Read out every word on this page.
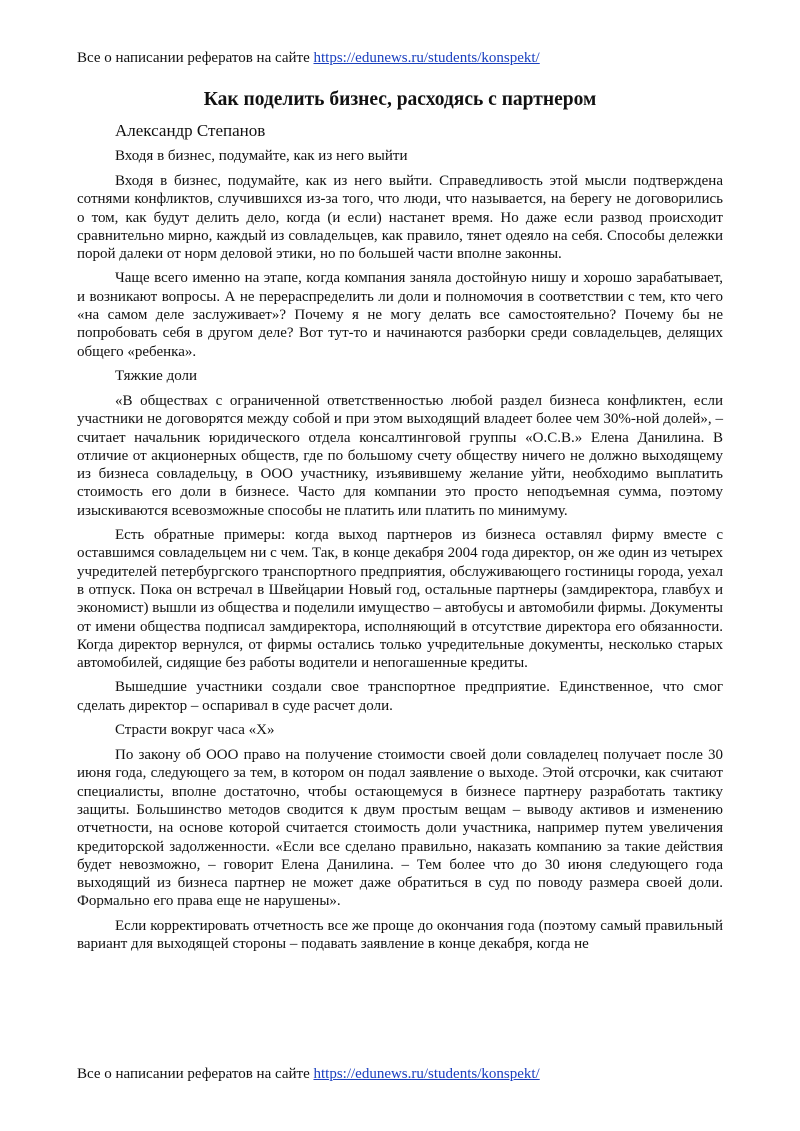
Все о написании рефератов на сайте https://edunews.ru/students/konspekt/
Как поделить бизнес, расходясь с партнером
Александр Степанов
Входя в бизнес, подумайте, как из него выйти

Входя в бизнес, подумайте, как из него выйти. Справедливость этой мысли подтверждена сотнями конфликтов, случившихся из-за того, что люди, что называется, на берегу не договорились о том, как будут делить дело, когда (и если) настанет время. Но даже если развод происходит сравнительно мирно, каждый из совладельцев, как правило, тянет одеяло на себя. Способы дележки порой далеки от норм деловой этики, но по большей части вполне законны.

Чаще всего именно на этапе, когда компания заняла достойную нишу и хорошо зарабатывает, и возникают вопросы. А не перераспределить ли доли и полномочия в соответствии с тем, кто чего «на самом деле заслуживает»? Почему я не могу делать все самостоятельно? Почему бы не попробовать себя в другом деле? Вот тут-то и начинаются разборки среди совладельцев, делящих общего «ребенка».

Тяжкие доли

«В обществах с ограниченной ответственностью любой раздел бизнеса конфликтен, если участники не договорятся между собой и при этом выходящий владеет более чем 30%-ной долей», – считает начальник юридического отдела консалтинговой группы «О.С.В.» Елена Данилина. В отличие от акционерных обществ, где по большому счету обществу ничего не должно выходящему из бизнеса совладельцу, в ООО участнику, изъявившему желание уйти, необходимо выплатить стоимость его доли в бизнесе. Часто для компании это просто неподъемная сумма, поэтому изыскиваются всевозможные способы не платить или платить по минимуму.

Есть обратные примеры: когда выход партнеров из бизнеса оставлял фирму вместе с оставшимся совладельцем ни с чем. Так, в конце декабря 2004 года директор, он же один из четырех учредителей петербургского транспортного предприятия, обслуживающего гостиницы города, уехал в отпуск. Пока он встречал в Швейцарии Новый год, остальные партнеры (замдиректора, главбух и экономист) вышли из общества и поделили имущество – автобусы и автомобили фирмы. Документы от имени общества подписал замдиректора, исполняющий в отсутствие директора его обязанности. Когда директор вернулся, от фирмы остались только учредительные документы, несколько старых автомобилей, сидящие без работы водители и непогашенные кредиты.

Вышедшие участники создали свое транспортное предприятие. Единственное, что смог сделать директор – оспаривал в суде расчет доли.

Страсти вокруг часа «Х»

По закону об ООО право на получение стоимости своей доли совладелец получает после 30 июня года, следующего за тем, в котором он подал заявление о выходе. Этой отсрочки, как считают специалисты, вполне достаточно, чтобы остающемуся в бизнесе партнеру разработать тактику защиты. Большинство методов сводится к двум простым вещам – выводу активов и изменению отчетности, на основе которой считается стоимость доли участника, например путем увеличения кредиторской задолженности. «Если все сделано правильно, наказать компанию за такие действия будет невозможно, – говорит Елена Данилина. – Тем более что до 30 июня следующего года выходящий из бизнеса партнер не может даже обратиться в суд по поводу размера своей доли. Формально его права еще не нарушены».

Если корректировать отчетность все же проще до окончания года (поэтому самый правильный вариант для выходящей стороны – подавать заявление в конце декабря, когда не

Все о написании рефератов на сайте https://edunews.ru/students/konspekt/
